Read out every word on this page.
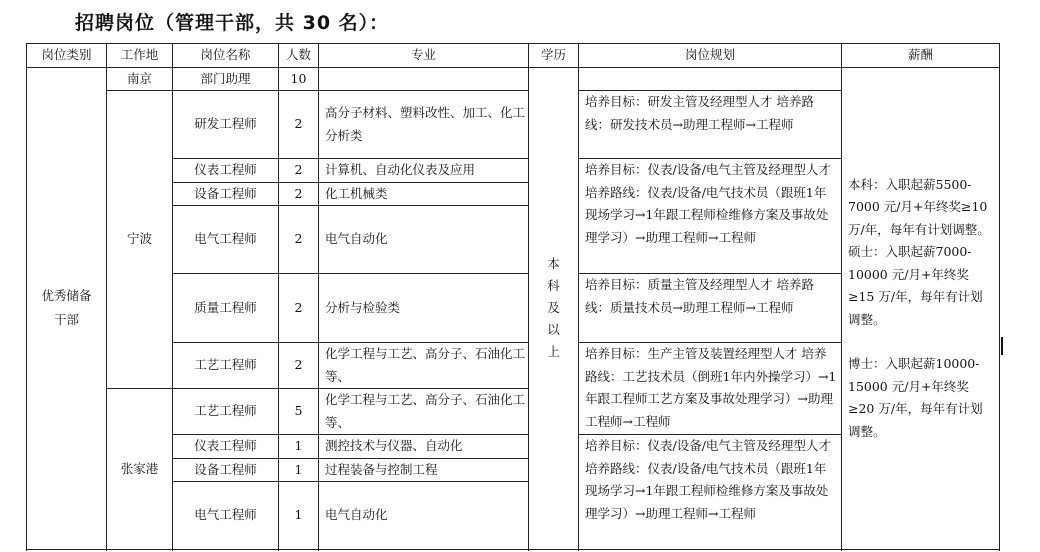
招聘岗位（管理干部，共 30 名）：
岗位类别	工作地	岗位名称	人数	专业	学历	岗位规划	薪酬

优秀储备干部	南京	部门助理	10		本科及以上		本科：入职起薪5500-7000 元/月+年终奖≥10 万/年，每年有计划调整。
硕士：入职起薪7000-10000 元/月+年终奖≥15 万/年，每年有计划调整。
博士：入职起薪10000-15000 元/月+年终奖≥20 万/年，每年有计划调整。

	宁波	研发工程师	2	高分子材料、塑料改性、加工、化工分析类		培养目标：研发主管及经理型人才 培养路线：研发技术员→助理工程师→工程师	
		仪表工程师	2	计算机、自动化仪表及应用		培养目标：仪表/设备/电气主管及经理型人才 培养路线：仪表/设备/电气技术员（跟班1年现场学习→1年跟工程师检维修方案及事故处理学习）→助理工程师→工程师	
		设备工程师	2	化工机械类			
		电气工程师	2	电气自动化			
		质量工程师	2	分析与检验类		培养目标：质量主管及经理型人才 培养路线：质量技术员→助理工程师→工程师	
		工艺工程师	2	化学工程与工艺、高分子、石油化工等、		培养目标：生产主管及装置经理型人才 培养路线：工艺技术员（倒班1年内外操学习）→1年跟工程师工艺方案及事故处理学习）→助理工程师→工程师	
	张家港	工艺工程师	5	化学工程与工艺、高分子、石油化工等、			
		仪表工程师	1	测控技术与仪器、自动化		培养目标：仪表/设备/电气主管及经理型人才 培养路线：仪表/设备/电气技术员（跟班1年现场学习→1年跟工程师检维修方案及事故处理学习）→助理工程师→工程师	
		设备工程师	1	过程装备与控制工程			
		电气工程师	1	电气自动化			
